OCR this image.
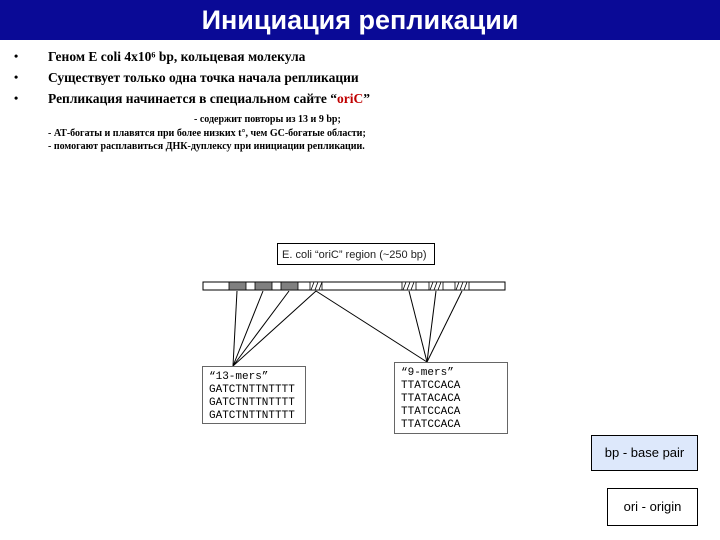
Инициация репликации
• Геном E coli 4x10⁶ bp, кольцевая молекула
• Существует только одна точка начала репликации
• Репликация начинается в специальном сайте “oriC”
- содержит повторы из 13 и 9 bp;
- АТ-богаты и плавятся при более низких t°, чем GC-богатые области;
- помогают расплавиться ДНК-дуплексу при инициации репликации.
E. coli “oriC” region (~250 bp)
“13-mers”
GATCTNTTNTTTT
GATCTNTTNTTTT
GATCTNTTNTTTT
“9-mers”
TTATCCACA
TTATACACA
TTATCCACA
TTATCCACA
bp - base pair
ori - origin
